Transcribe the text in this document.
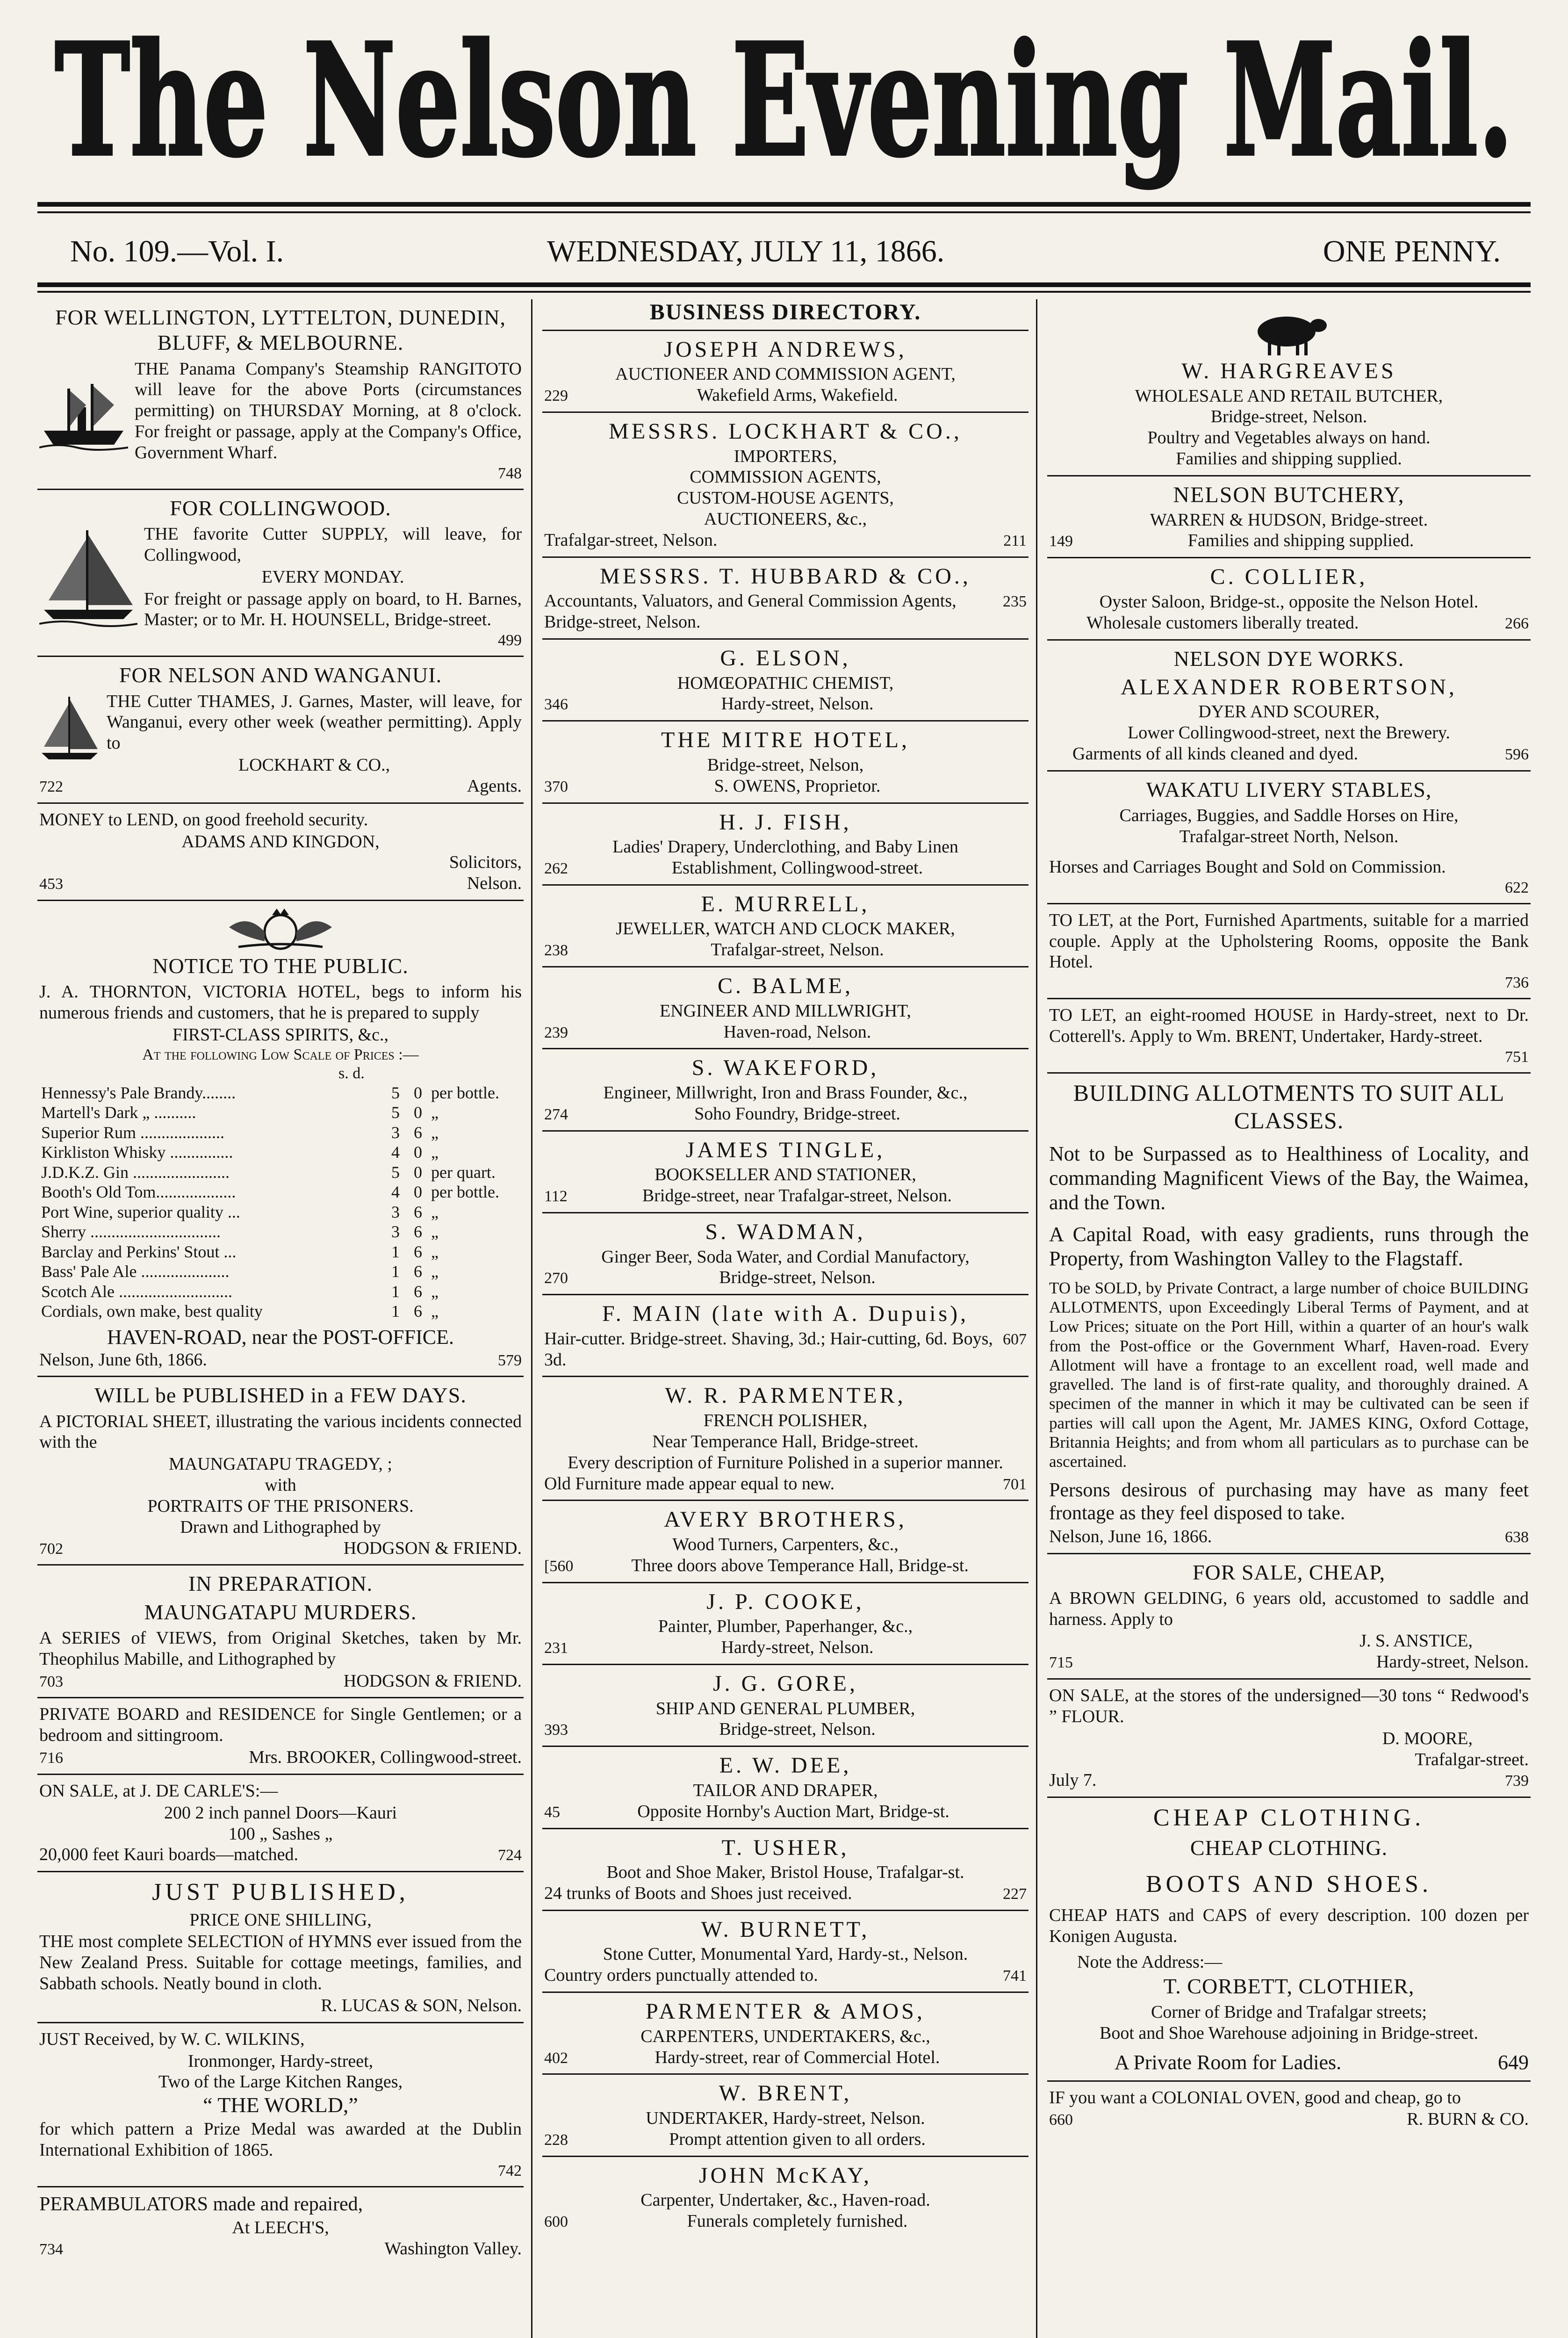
The Nelson Evening Mail.
No. 109.—Vol. I.	WEDNESDAY, JULY 11, 1866.	ONE PENNY.
FOR WELLINGTON, LYTTELTON, DUNEDIN, BLUFF, & MELBOURNE.
THE Panama Company's Steamship RANGITOTO will leave for the above Ports (circumstances permitting) on THURSDAY Morning, at 8 o'clock. For freight or passage, apply at the Company's Office, Government Wharf.
748
FOR COLLINGWOOD.
THE favorite Cutter SUPPLY, will leave, for Collingwood,
EVERY MONDAY.
For freight or passage apply on board, to H. Barnes, Master; or to Mr. H. HOUNSELL, Bridge-street.
499
FOR NELSON AND WANGANUI.
THE Cutter THAMES, J. Garnes, Master, will leave, for Wanganui, every other week (weather permitting). Apply to
LOCKHART & CO.,
722	Agents.
MONEY to LEND, on good freehold security.
ADAMS AND KINGDON,
Solicitors,
453	Nelson.
NOTICE TO THE PUBLIC.
J. A. THORNTON, VICTORIA HOTEL, begs to inform his numerous friends and customers, that he is prepared to supply
FIRST-CLASS SPIRITS, &c.,
At the following Low Scale of Prices :—
s. d.
Hennessy's Pale Brandy........	5	0	per bottle.
Martell's Dark „ ..........	5	0	„
Superior Rum ....................	3	6	„
Kirkliston Whisky ...............	4	0	„
J.D.K.Z. Gin .......................	5	0	per quart.
Booth's Old Tom...................	4	0	per bottle.
Port Wine, superior quality ...	3	6	„
Sherry ...............................	3	6	„
Barclay and Perkins' Stout ...	1	6	„
Bass' Pale Ale .....................	1	6	„
Scotch Ale ...........................	1	6	„
Cordials, own make, best quality	1	6	„
HAVEN-ROAD, near the POST-OFFICE.
Nelson, June 6th, 1866.	579
WILL be PUBLISHED in a FEW DAYS.
A PICTORIAL SHEET, illustrating the various incidents connected with the
MAUNGATAPU TRAGEDY, ;
with
PORTRAITS OF THE PRISONERS.
Drawn and Lithographed by
702	HODGSON & FRIEND.
IN PREPARATION.
MAUNGATAPU MURDERS.
A SERIES of VIEWS, from Original Sketches, taken by Mr. Theophilus Mabille, and Lithographed by
703	HODGSON & FRIEND.
PRIVATE BOARD and RESIDENCE for Single Gentlemen; or a bedroom and sittingroom.
716	Mrs. BROOKER, Collingwood-street.
ON SALE, at J. DE CARLE'S:—
200 2 inch pannel Doors—Kauri
100 „ Sashes „
20,000 feet Kauri boards—matched.	724
JUST PUBLISHED,
PRICE ONE SHILLING,
THE most complete SELECTION of HYMNS ever issued from the New Zealand Press. Suitable for cottage meetings, families, and Sabbath schools. Neatly bound in cloth.
R. LUCAS & SON, Nelson.
JUST Received, by W. C. WILKINS,
Ironmonger, Hardy-street,
Two of the Large Kitchen Ranges,
“ THE WORLD,”
for which pattern a Prize Medal was awarded at the Dublin International Exhibition of 1865.
742
PERAMBULATORS made and repaired,
At LEECH'S,
734	Washington Valley.
BUSINESS DIRECTORY.
JOSEPH ANDREWS,
AUCTIONEER AND COMMISSION AGENT,
229	Wakefield Arms, Wakefield.
MESSRS. LOCKHART & CO.,
IMPORTERS,
COMMISSION AGENTS,
CUSTOM-HOUSE AGENTS,
AUCTIONEERS, &c.,
Trafalgar-street, Nelson.	211
MESSRS. T. HUBBARD & CO.,
Accountants, Valuators, and General Commission Agents, Bridge-street, Nelson.
235
G. ELSON,
HOMŒOPATHIC CHEMIST,
346	Hardy-street, Nelson.
THE MITRE HOTEL,
Bridge-street, Nelson,
370	S. OWENS, Proprietor.
H. J. FISH,
Ladies' Drapery, Underclothing, and Baby Linen
262	Establishment, Collingwood-street.
E. MURRELL,
JEWELLER, WATCH AND CLOCK MAKER,
238	Trafalgar-street, Nelson.
C. BALME,
ENGINEER AND MILLWRIGHT,
239	Haven-road, Nelson.
S. WAKEFORD,
Engineer, Millwright, Iron and Brass Founder, &c.,
274	Soho Foundry, Bridge-street.
JAMES TINGLE,
BOOKSELLER AND STATIONER,
112	Bridge-street, near Trafalgar-street, Nelson.
S. WADMAN,
Ginger Beer, Soda Water, and Cordial Manufactory,
270	Bridge-street, Nelson.
F. MAIN (late with A. Dupuis),
Hair-cutter. Bridge-street. Shaving, 3d.; Hair-cutting, 6d. Boys, 3d.
607
W. R. PARMENTER,
FRENCH POLISHER,
Near Temperance Hall, Bridge-street.
Every description of Furniture Polished in a superior manner.
Old Furniture made appear equal to new.	701
AVERY BROTHERS,
Wood Turners, Carpenters, &c.,
[560	Three doors above Temperance Hall, Bridge-st.
J. P. COOKE,
Painter, Plumber, Paperhanger, &c.,
231	Hardy-street, Nelson.
J. G. GORE,
SHIP AND GENERAL PLUMBER,
393	Bridge-street, Nelson.
E. W. DEE,
TAILOR AND DRAPER,
45	Opposite Hornby's Auction Mart, Bridge-st.
T. USHER,
Boot and Shoe Maker, Bristol House, Trafalgar-st.
24 trunks of Boots and Shoes just received.	227
W. BURNETT,
Stone Cutter, Monumental Yard, Hardy-st., Nelson.
Country orders punctually attended to.	741
PARMENTER & AMOS,
CARPENTERS, UNDERTAKERS, &c.,
402	Hardy-street, rear of Commercial Hotel.
W. BRENT,
UNDERTAKER, Hardy-street, Nelson.
228	Prompt attention given to all orders.
JOHN McKAY,
Carpenter, Undertaker, &c., Haven-road.
600	Funerals completely furnished.
W. HARGREAVES
WHOLESALE AND RETAIL BUTCHER,
Bridge-street, Nelson.
Poultry and Vegetables always on hand.
Families and shipping supplied.
NELSON BUTCHERY,
WARREN & HUDSON, Bridge-street.
149	Families and shipping supplied.
C. COLLIER,
Oyster Saloon, Bridge-st., opposite the Nelson Hotel.
Wholesale customers liberally treated.	266
NELSON DYE WORKS.
ALEXANDER ROBERTSON,
DYER AND SCOURER,
Lower Collingwood-street, next the Brewery.
Garments of all kinds cleaned and dyed.	596
WAKATU LIVERY STABLES,
Carriages, Buggies, and Saddle Horses on Hire,
Trafalgar-street North, Nelson.
Horses and Carriages Bought and Sold on Commission.
622
TO LET, at the Port, Furnished Apartments, suitable for a married couple. Apply at the Upholstering Rooms, opposite the Bank Hotel.
736
TO LET, an eight-roomed HOUSE in Hardy-street, next to Dr. Cotterell's. Apply to Wm. BRENT, Undertaker, Hardy-street.
751
BUILDING ALLOTMENTS TO SUIT ALL CLASSES.
Not to be Surpassed as to Healthiness of Locality, and commanding Magnificent Views of the Bay, the Waimea, and the Town.
A Capital Road, with easy gradients, runs through the Property, from Washington Valley to the Flagstaff.
TO be SOLD, by Private Contract, a large number of choice BUILDING ALLOTMENTS, upon Exceedingly Liberal Terms of Payment, and at Low Prices; situate on the Port Hill, within a quarter of an hour's walk from the Post-office or the Government Wharf, Haven-road. Every Allotment will have a frontage to an excellent road, well made and gravelled. The land is of first-rate quality, and thoroughly drained. A specimen of the manner in which it may be cultivated can be seen if parties will call upon the Agent, Mr. JAMES KING, Oxford Cottage, Britannia Heights; and from whom all particulars as to purchase can be ascertained.
Persons desirous of purchasing may have as many feet frontage as they feel disposed to take.
Nelson, June 16, 1866.	638
FOR SALE, CHEAP,
A BROWN GELDING, 6 years old, accustomed to saddle and harness. Apply to
J. S. ANSTICE,
715	Hardy-street, Nelson.
ON SALE, at the stores of the undersigned—30 tons “ Redwood's ” FLOUR.
D. MOORE,
Trafalgar-street.
July 7.	739
CHEAP CLOTHING.
CHEAP CLOTHING.
BOOTS AND SHOES.
CHEAP HATS and CAPS of every description. 100 dozen per Konigen Augusta.
Note the Address:—
T. CORBETT, CLOTHIER,
Corner of Bridge and Trafalgar streets;
Boot and Shoe Warehouse adjoining in Bridge-street.
A Private Room for Ladies.	649
IF you want a COLONIAL OVEN, good and cheap, go to
660	R. BURN & CO.
